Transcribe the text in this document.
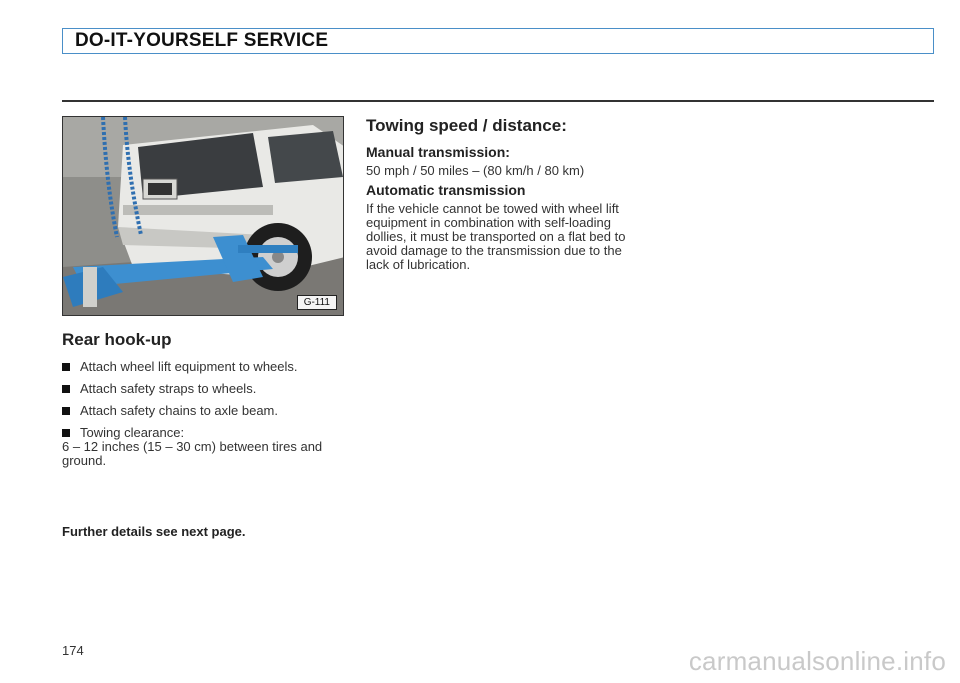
DO-IT-YOURSELF SERVICE
G-111
Rear hook-up
Attach wheel lift equipment to wheels.
Attach safety straps to wheels.
Attach safety chains to axle beam.
Towing clearance:
6 – 12 inches (15 – 30 cm) between tires and ground.
Further details see next page.
Towing speed / distance:
Manual transmission:
50 mph / 50 miles – (80 km/h / 80 km)
Automatic transmission
If the vehicle cannot be towed with wheel lift equipment in combination with self-loading dollies, it must be transported on a flat bed to avoid damage to the transmission due to the lack of lubrication.
174	carmanualsonline.info
